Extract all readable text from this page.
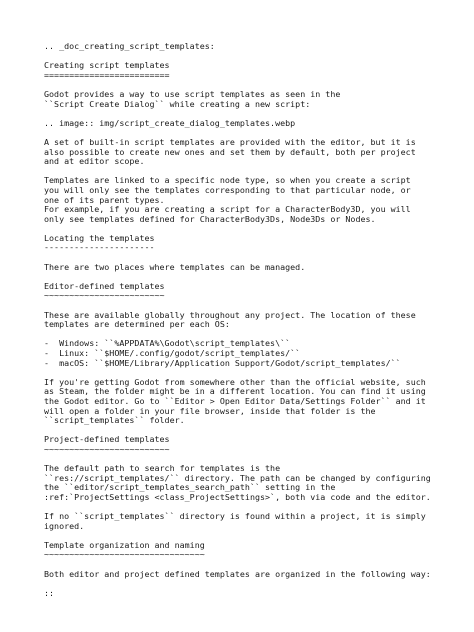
.. _doc_creating_script_templates:
Creating script templates
=========================
Godot provides a way to use script templates as seen in the
``Script Create Dialog`` while creating a new script:
.. image:: img/script_create_dialog_templates.webp
A set of built-in script templates are provided with the editor, but it is
also possible to create new ones and set them by default, both per project
and at editor scope.
Templates are linked to a specific node type, so when you create a script
you will only see the templates corresponding to that particular node, or
one of its parent types.
For example, if you are creating a script for a CharacterBody3D, you will
only see templates defined for CharacterBody3Ds, Node3Ds or Nodes.
Locating the templates
----------------------
There are two places where templates can be managed.
Editor-defined templates
~~~~~~~~~~~~~~~~~~~~~~~~
These are available globally throughout any project. The location of these
templates are determined per each OS:
-  Windows: ``%APPDATA%\Godot\script_templates\``
-  Linux: ``$HOME/.config/godot/script_templates/``
-  macOS: ``$HOME/Library/Application Support/Godot/script_templates/``
If you're getting Godot from somewhere other than the official website, such
as Steam, the folder might be in a different location. You can find it using
the Godot editor. Go to ``Editor > Open Editor Data/Settings Folder`` and it
will open a folder in your file browser, inside that folder is the
``script_templates`` folder.
Project-defined templates
~~~~~~~~~~~~~~~~~~~~~~~~~
The default path to search for templates is the
``res://script_templates/`` directory. The path can be changed by configuring
the ``editor/script_templates_search_path`` setting in the
:ref:`ProjectSettings <class_ProjectSettings>`, both via code and the editor.
If no ``script_templates`` directory is found within a project, it is simply
ignored.
Template organization and naming
~~~~~~~~~~~~~~~~~~~~~~~~~~~~~~~~
Both editor and project defined templates are organized in the following way:
::
